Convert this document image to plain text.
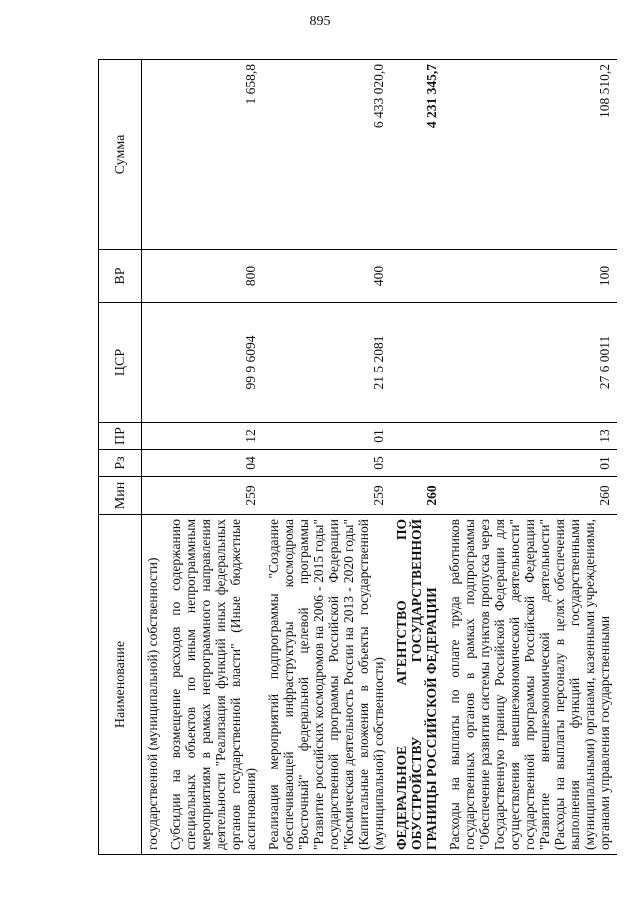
895
Наименование	Мин	Рз	ПР	ЦСР	ВР	Сумма
государственной (муниципальной) собственности)						
Субсидии на возмещение расходов по содержанию специальных объектов по иным непрограммным мероприятиям в рамках непрограммного направления деятельности "Реализация функций иных федеральных органов государственной власти" (Иные бюджетные ассигнования)	259	04	12	99 9 6094	800	1 658,8
Реализация мероприятий подпрограммы "Создание обеспечивающей инфраструктуры космодрома "Восточный" федеральной целевой программы "Развитие российских космодромов на 2006 - 2015 годы" государственной программы Российской Федерации "Космическая деятельность России на 2013 - 2020 годы" (Капитальные вложения в объекты государственной (муниципальной) собственности)	259	05	01	21 5 2081	400	6 433 020,0
ФЕДЕРАЛЬНОЕ АГЕНТСТВО ПО ОБУСТРОЙСТВУ ГОСУДАРСТВЕННОЙ ГРАНИЦЫ РОССИЙСКОЙ ФЕДЕРАЦИИ	260					4 231 345,7
Расходы на выплаты по оплате труда работников государственных органов в рамках подпрограммы "Обеспечение развития системы пунктов пропуска через Государственную границу Российской Федерации для осуществления внешнеэкономической деятельности" государственной программы Российской Федерации "Развитие внешнеэкономической деятельности" (Расходы на выплаты персоналу в целях обеспечения выполнения функций государственными (муниципальными) органами, казенными учреждениями, органами управления государственными	260	01	13	27 6 0011	100	108 510,2
